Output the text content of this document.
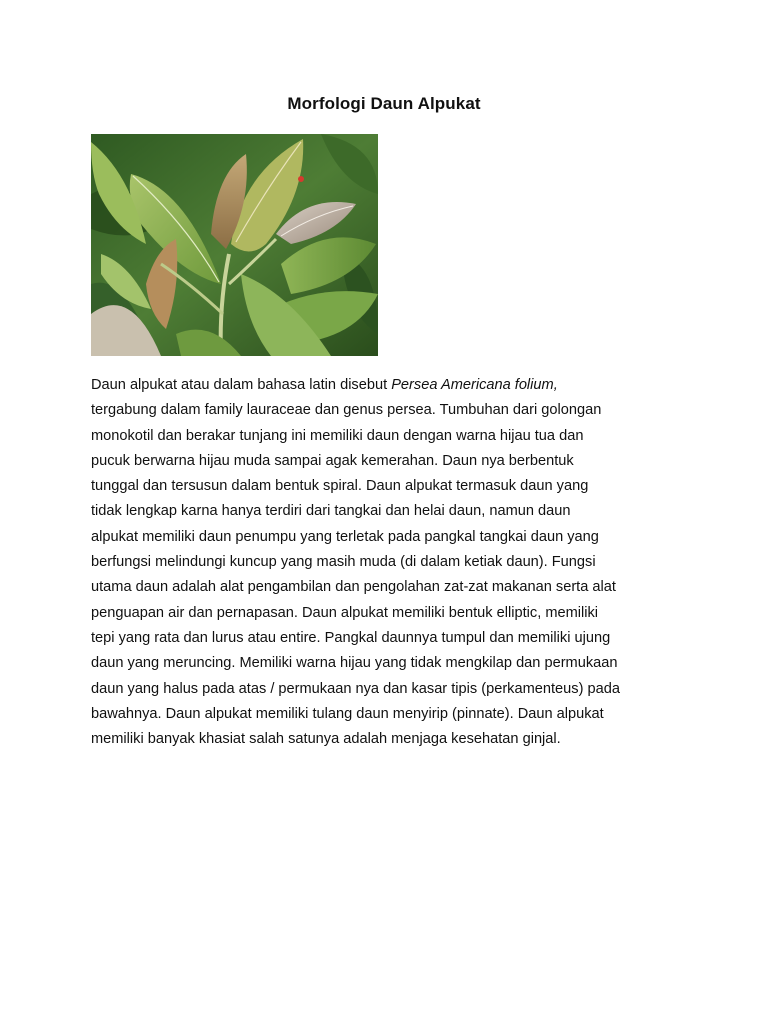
Morfologi Daun Alpukat

Daun alpukat atau dalam bahasa latin disebut Persea Americana folium,
tergabung dalam family lauraceae dan genus persea. Tumbuhan dari golongan
monokotil dan berakar tunjang ini memiliki daun dengan warna hijau tua dan
pucuk berwarna hijau muda sampai agak kemerahan. Daun nya berbentuk
tunggal dan tersusun dalam bentuk spiral. Daun alpukat termasuk daun yang
tidak lengkap karna hanya terdiri dari tangkai dan helai daun, namun daun
alpukat memiliki daun penumpu yang terletak pada pangkal tangkai daun yang
berfungsi melindungi kuncup yang masih muda (di dalam ketiak daun). Fungsi
utama daun adalah alat pengambilan dan pengolahan zat-zat makanan serta alat
penguapan air dan pernapasan. Daun alpukat memiliki bentuk elliptic, memiliki
tepi yang rata dan lurus atau entire. Pangkal daunnya tumpul dan memiliki ujung
daun yang meruncing. Memiliki warna hijau yang tidak mengkilap dan permukaan
daun yang halus pada atas / permukaan nya dan kasar tipis (perkamenteus) pada
bawahnya. Daun alpukat memiliki tulang daun menyirip (pinnate). Daun alpukat
memiliki banyak khasiat salah satunya adalah menjaga kesehatan ginjal.
